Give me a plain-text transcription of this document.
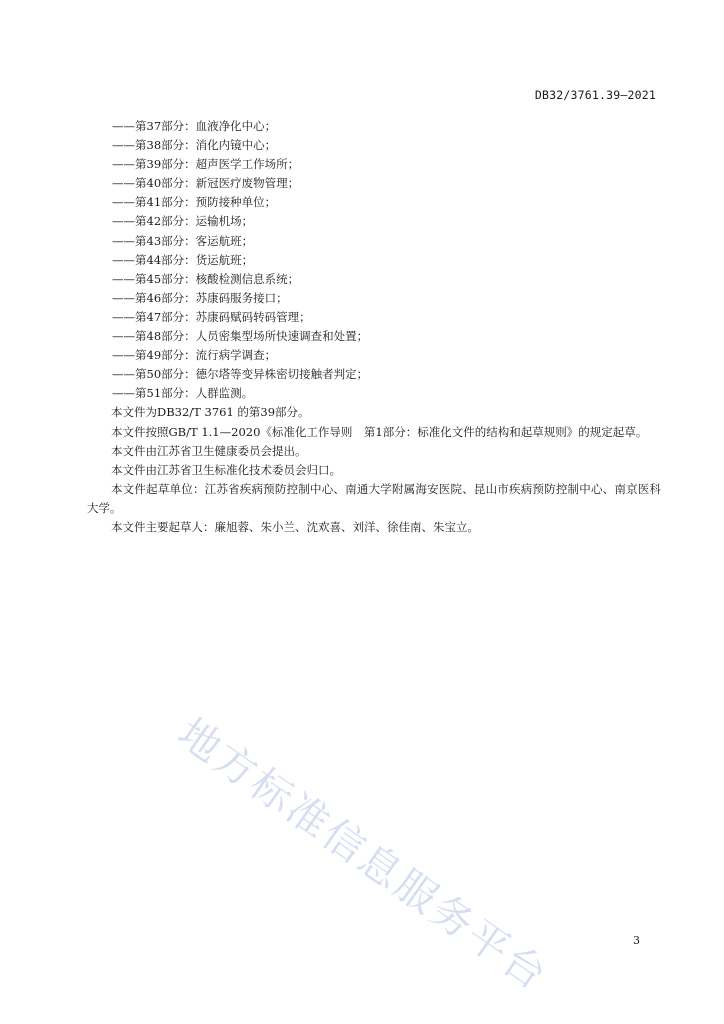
DB32/3761.39—2021
——第37部分：血液净化中心；
——第38部分：消化内镜中心；
——第39部分：超声医学工作场所；
——第40部分：新冠医疗废物管理；
——第41部分：预防接种单位；
——第42部分：运输机场；
——第43部分：客运航班；
——第44部分：货运航班；
——第45部分：核酸检测信息系统；
——第46部分：苏康码服务接口；
——第47部分：苏康码赋码转码管理；
——第48部分：人员密集型场所快速调查和处置；
——第49部分：流行病学调查；
——第50部分：德尔塔等变异株密切接触者判定；
——第51部分：人群监测。
本文件为DB32/T 3761 的第39部分。
本文件按照GB/T 1.1—2020《标准化工作导则　第1部分：标准化文件的结构和起草规则》的规定起草。
本文件由江苏省卫生健康委员会提出。
本文件由江苏省卫生标准化技术委员会归口。
本文件起草单位：江苏省疾病预防控制中心、南通大学附属海安医院、昆山市疾病预防控制中心、南京医科大学。
本文件主要起草人：廉旭蓉、朱小兰、沈欢喜、刘洋、徐佳南、朱宝立。
地方标准信息服务平台	3
